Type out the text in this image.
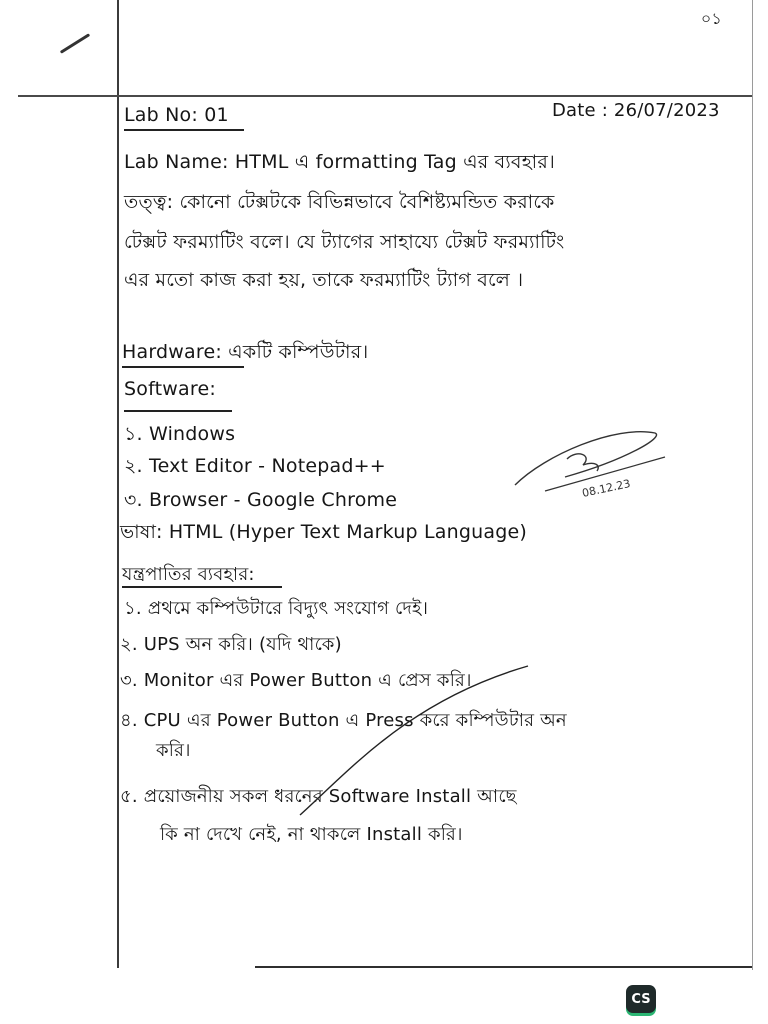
০১
Lab No: 01	Date : 26/07/2023
Lab Name: HTML এ formatting Tag এর ব্যবহার।
তত্ত্ব: কোনো টেক্সটকে বিভিন্নভাবে বৈশিষ্ট্যমন্ডিত করাকে
টেক্সট ফরম্যাটিং বলে। যে ট্যাগের সাহায্যে টেক্সট ফরম্যাটিং
এর মতো কাজ করা হয়, তাকে ফরম্যাটিং ট্যাগ বলে ।
Hardware: একটি কম্পিউটার।
Software:
১. Windows
২. Text Editor - Notepad++
৩. Browser - Google Chrome
ভাষা: HTML (Hyper Text Markup Language)
যন্ত্রপাতির ব্যবহার:
১. প্রথমে কম্পিউটারে বিদ্যুৎ সংযোগ দেই।
২. UPS অন করি। (যদি থাকে)
৩. Monitor এর Power Button এ প্রেস করি।
৪. CPU এর Power Button এ Press করে কম্পিউটার অন
করি।
৫. প্রয়োজনীয় সকল ধরনের Software Install আছে
কি না দেখে নেই, না থাকলে Install করি।
08.12.23
CS
